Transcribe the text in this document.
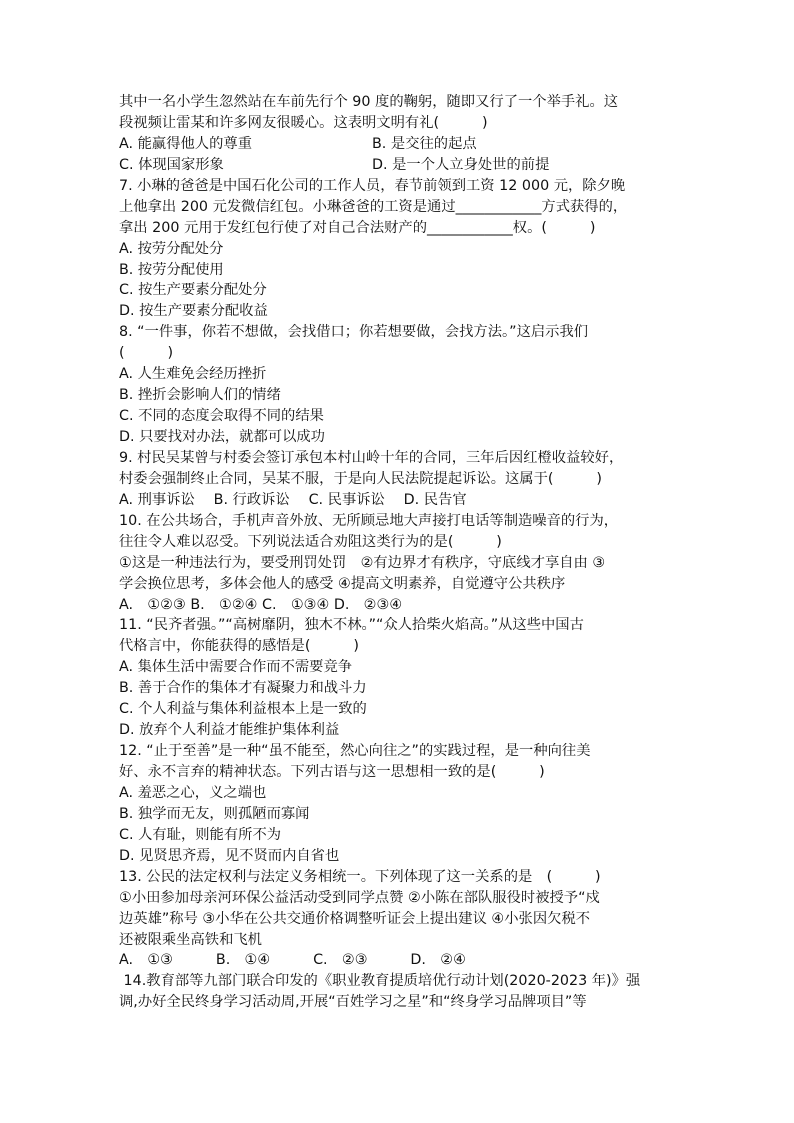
其中一名小学生忽然站在车前先行个 90 度的鞠躬，随即又行了一个举手礼。这
段视频让雷某和许多网友很暖心。这表明文明有礼(　　　)
A. 能赢得他人的尊重	B. 是交往的起点
C. 体现国家形象	D. 是一个人立身处世的前提
7. 小琳的爸爸是中国石化公司的工作人员，春节前领到工资 12 000 元，除夕晚
上他拿出 200 元发微信红包。小琳爸爸的工资是通过____________方式获得的，
拿出 200 元用于发红包行使了对自己合法财产的____________权。(　　　)
A. 按劳分配处分
B. 按劳分配使用
C. 按生产要素分配处分
D. 按生产要素分配收益
8. “一件事，你若不想做，会找借口；你若想要做，会找方法。”这启示我们
(　　　)
A. 人生难免会经历挫折
B. 挫折会影响人们的情绪
C. 不同的态度会取得不同的结果
D. 只要找对办法，就都可以成功
9. 村民吴某曾与村委会签订承包本村山岭十年的合同，三年后因红橙收益较好，
村委会强制终止合同，吴某不服，于是向人民法院提起诉讼。这属于(　　　)
A. 刑事诉讼　 B. 行政诉讼　 C. 民事诉讼　 D. 民告官
10. 在公共场合，手机声音外放、无所顾忌地大声接打电话等制造噪音的行为，
往往令人难以忍受。下列说法适合劝阻这类行为的是(　　　)
①这是一种违法行为，要受刑罚处罚　②有边界才有秩序，守底线才享自由 ③
学会换位思考，多体会他人的感受 ④提高文明素养，自觉遵守公共秩序
A.　①②③ B.　①②④ C.　①③④ D.　②③④
11. “民齐者强。”“高树靡阴，独木不林。”“众人拾柴火焰高。”从这些中国古
代格言中，你能获得的感悟是(　　　)
A. 集体生活中需要合作而不需要竞争
B. 善于合作的集体才有凝聚力和战斗力
C. 个人利益与集体利益根本上是一致的
D. 放弃个人利益才能维护集体利益
12. “止于至善”是一种“虽不能至，然心向往之”的实践过程，是一种向往美
好、永不言弃的精神状态。下列古语与这一思想相一致的是(　　　)
A. 羞恶之心，义之端也
B. 独学而无友，则孤陋而寡闻
C. 人有耻，则能有所不为
D. 见贤思齐焉，见不贤而内自省也
13. 公民的法定权利与法定义务相统一。下列体现了这一关系的是　(　　　)
①小田参加母亲河环保公益活动受到同学点赞 ②小陈在部队服役时被授予“戍
边英雄”称号 ③小华在公共交通价格调整听证会上提出建议 ④小张因欠税不
还被限乘坐高铁和飞机
A.　①③　　　B.　①④　　　C.　②③　　　D.　②④
14.教育部等九部门联合印发的《职业教育提质培优行动计划(2020-2023 年)》强
调,办好全民终身学习活动周,开展“百姓学习之星”和“终身学习品牌项目”等
